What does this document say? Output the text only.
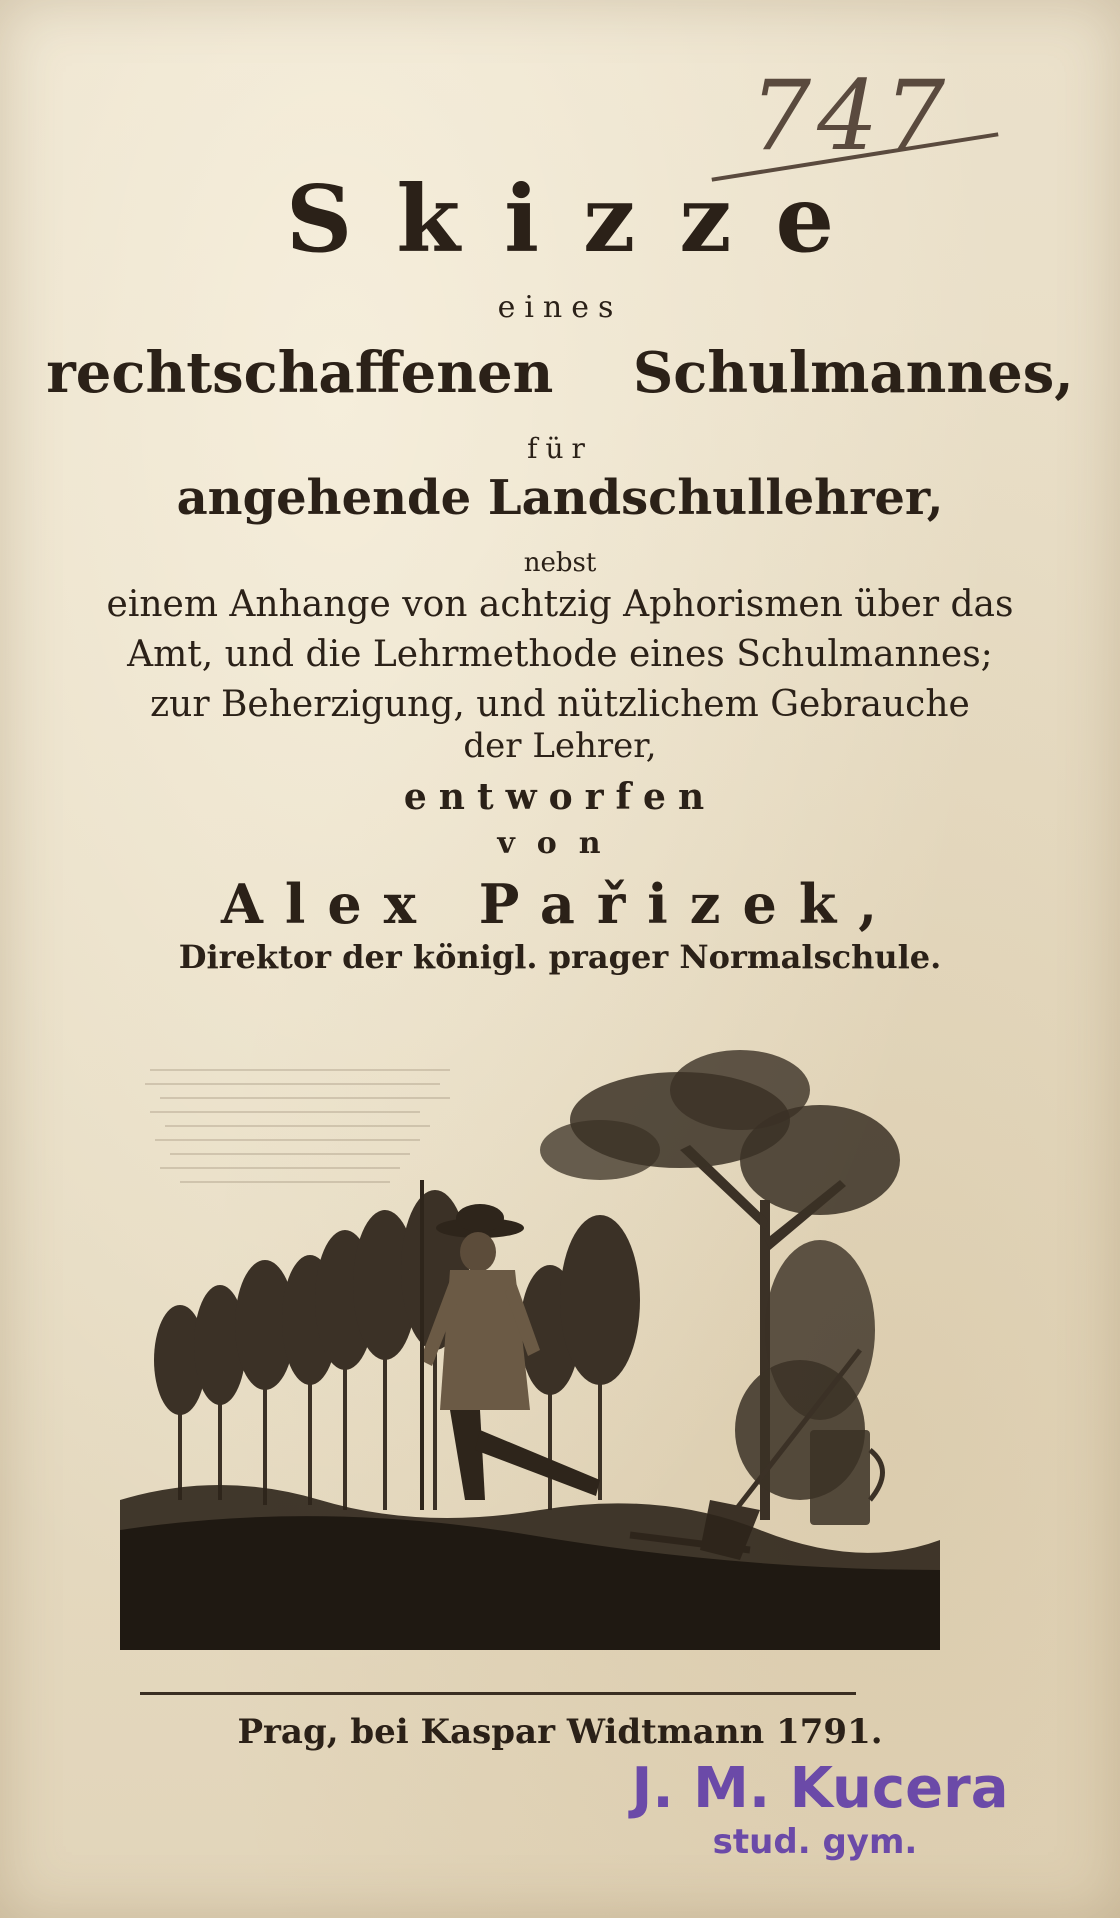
747
Skizze
eines
rechtschaffenen Schulmannes,
für
angehende Landschullehrer,
nebst
einem Anhange von achtzig Aphorismen über das
Amt, und die Lehrmethode eines Schulmannes;
zur Beherzigung, und nützlichem Gebrauche
der Lehrer,
entworfen
von
Alex Pařizek,
Direktor der königl. prager Normalschule.
Prag, bei Kaspar Widtmann 1791.
J. M. Kucera
stud. gym.
